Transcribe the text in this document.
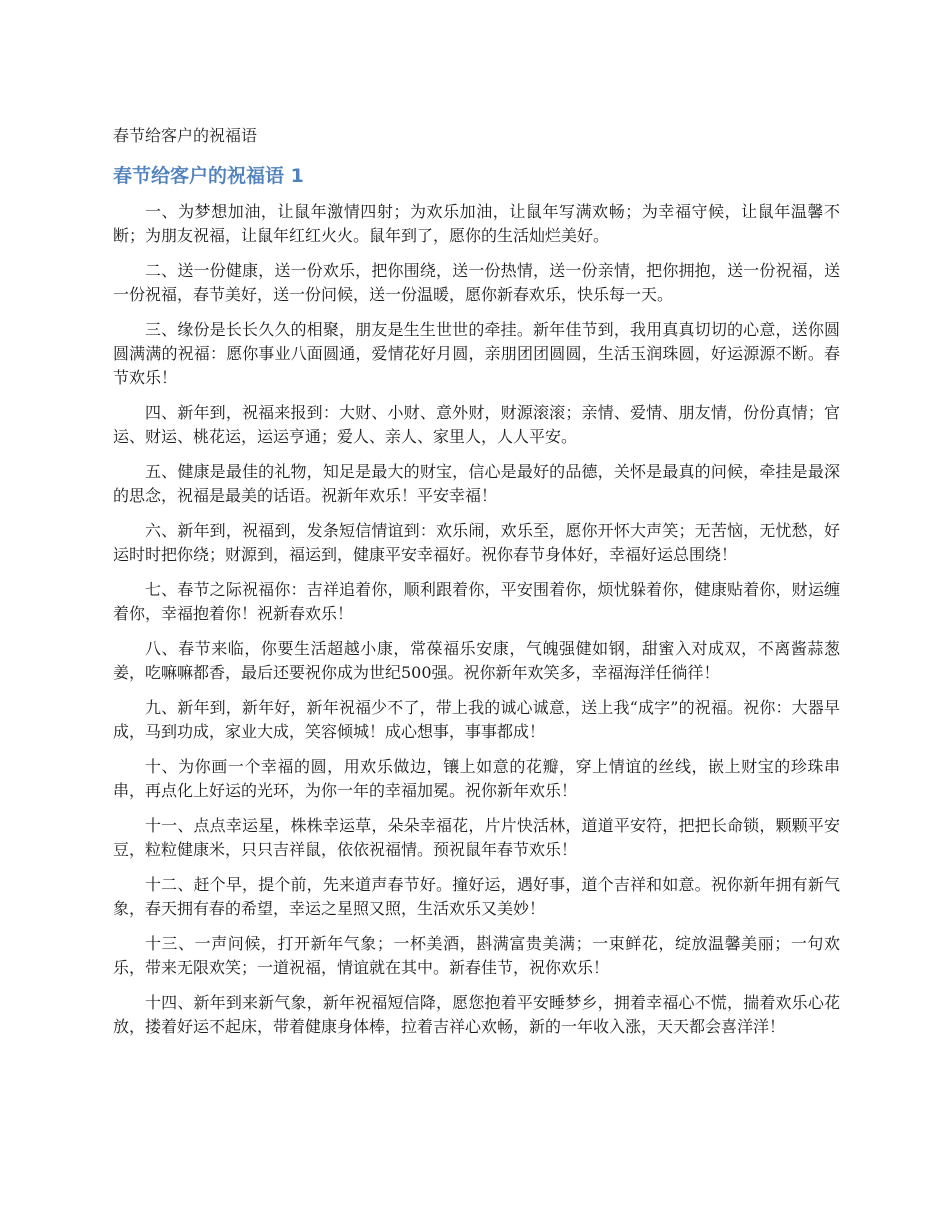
春节给客户的祝福语
春节给客户的祝福语 1

一、为梦想加油，让鼠年激情四射；为欢乐加油，让鼠年写满欢畅；为幸福守候，让鼠年温馨不断；为朋友祝福，让鼠年红红火火。鼠年到了，愿你的生活灿烂美好。

二、送一份健康，送一份欢乐，把你围绕，送一份热情，送一份亲情，把你拥抱，送一份祝福，送一份祝福，春节美好，送一份问候，送一份温暖，愿你新春欢乐，快乐每一天。

三、缘份是长长久久的相聚，朋友是生生世世的牵挂。新年佳节到，我用真真切切的心意，送你圆圆满满的祝福：愿你事业八面圆通，爱情花好月圆，亲朋团团圆圆，生活玉润珠圆，好运源源不断。春节欢乐！

四、新年到，祝福来报到：大财、小财、意外财，财源滚滚；亲情、爱情、朋友情，份份真情；官运、财运、桃花运，运运亨通；爱人、亲人、家里人，人人平安。

五、健康是最佳的礼物，知足是最大的财宝，信心是最好的品德，关怀是最真的问候，牵挂是最深的思念，祝福是最美的话语。祝新年欢乐！平安幸福！

六、新年到，祝福到，发条短信情谊到：欢乐闹，欢乐至，愿你开怀大声笑；无苦恼，无忧愁，好运时时把你绕；财源到，福运到，健康平安幸福好。祝你春节身体好，幸福好运总围绕！

七、春节之际祝福你：吉祥追着你，顺利跟着你，平安围着你，烦忧躲着你，健康贴着你，财运缠着你，幸福抱着你！祝新春欢乐！

八、春节来临，你要生活超越小康，常葆福乐安康，气魄强健如钢，甜蜜入对成双，不离酱蒜葱姜，吃嘛嘛都香，最后还要祝你成为世纪500强。祝你新年欢笑多，幸福海洋任徜徉！

九、新年到，新年好，新年祝福少不了，带上我的诚心诚意，送上我“成字”的祝福。祝你：大器早成，马到功成，家业大成，笑容倾城！成心想事，事事都成！

十、为你画一个幸福的圆，用欢乐做边，镶上如意的花瓣，穿上情谊的丝线，嵌上财宝的珍珠串串，再点化上好运的光环，为你一年的幸福加冕。祝你新年欢乐！

十一、点点幸运星，株株幸运草，朵朵幸福花，片片快活林，道道平安符，把把长命锁，颗颗平安豆，粒粒健康米，只只吉祥鼠，依依祝福情。预祝鼠年春节欢乐！

十二、赶个早，提个前，先来道声春节好。撞好运，遇好事，道个吉祥和如意。祝你新年拥有新气象，春天拥有春的希望，幸运之星照又照，生活欢乐又美妙！

十三、一声问候，打开新年气象；一杯美酒，斟满富贵美满；一束鲜花，绽放温馨美丽；一句欢乐，带来无限欢笑；一道祝福，情谊就在其中。新春佳节，祝你欢乐！

十四、新年到来新气象，新年祝福短信降，愿您抱着平安睡梦乡，拥着幸福心不慌，揣着欢乐心花放，搂着好运不起床，带着健康身体棒，拉着吉祥心欢畅，新的一年收入涨，天天都会喜洋洋！
